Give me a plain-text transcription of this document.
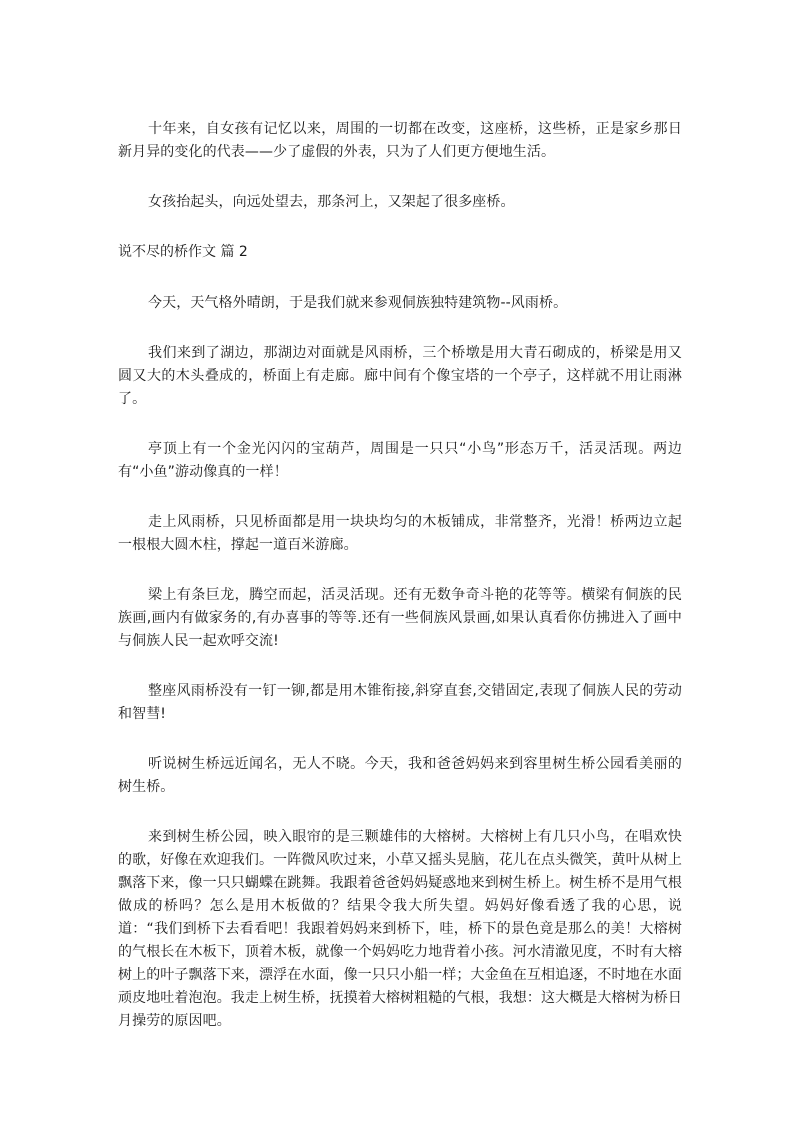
十年来，自女孩有记忆以来，周围的一切都在改变，这座桥，这些桥，正是家乡那日新月异的变化的代表——少了虚假的外表，只为了人们更方便地生活。

女孩抬起头，向远处望去，那条河上，又架起了很多座桥。

说不尽的桥作文 篇 2

今天，天气格外晴朗，于是我们就来参观侗族独特建筑物--风雨桥。

我们来到了湖边，那湖边对面就是风雨桥，三个桥墩是用大青石砌成的，桥梁是用又圆又大的木头叠成的，桥面上有走廊。廊中间有个像宝塔的一个亭子，这样就不用让雨淋了。

亭顶上有一个金光闪闪的宝葫芦，周围是一只只“小鸟”形态万千，活灵活现。两边有“小鱼”游动像真的一样！

走上风雨桥，只见桥面都是用一块块均匀的木板铺成，非常整齐，光滑！桥两边立起一根根大圆木柱，撑起一道百米游廊。

梁上有条巨龙，腾空而起，活灵活现。还有无数争奇斗艳的花等等。横梁有侗族的民族画,画内有做家务的,有办喜事的等等.还有一些侗族风景画,如果认真看你仿拂进入了画中与侗族人民一起欢呼交流!

整座风雨桥没有一钉一铆,都是用木锥衔接,斜穿直套,交错固定,表现了侗族人民的劳动和智彗!

听说树生桥远近闻名，无人不晓。今天，我和爸爸妈妈来到容里树生桥公园看美丽的树生桥。

来到树生桥公园，映入眼帘的是三颗雄伟的大榕树。大榕树上有几只小鸟，在唱欢快的歌，好像在欢迎我们。一阵微风吹过来，小草又摇头晃脑，花儿在点头微笑，黄叶从树上飘落下来，像一只只蝴蝶在跳舞。我跟着爸爸妈妈疑惑地来到树生桥上。树生桥不是用气根做成的桥吗？怎么是用木板做的？结果令我大所失望。妈妈好像看透了我的心思，说道：“我们到桥下去看看吧！我跟着妈妈来到桥下，哇，桥下的景色竟是那么的美！大榕树的气根长在木板下，顶着木板，就像一个妈妈吃力地背着小孩。河水清澈见度，不时有大榕树上的叶子飘落下来，漂浮在水面，像一只只小船一样；大金鱼在互相追逐，不时地在水面顽皮地吐着泡泡。我走上树生桥，抚摸着大榕树粗糙的气根，我想：这大概是大榕树为桥日月操劳的原因吧。
